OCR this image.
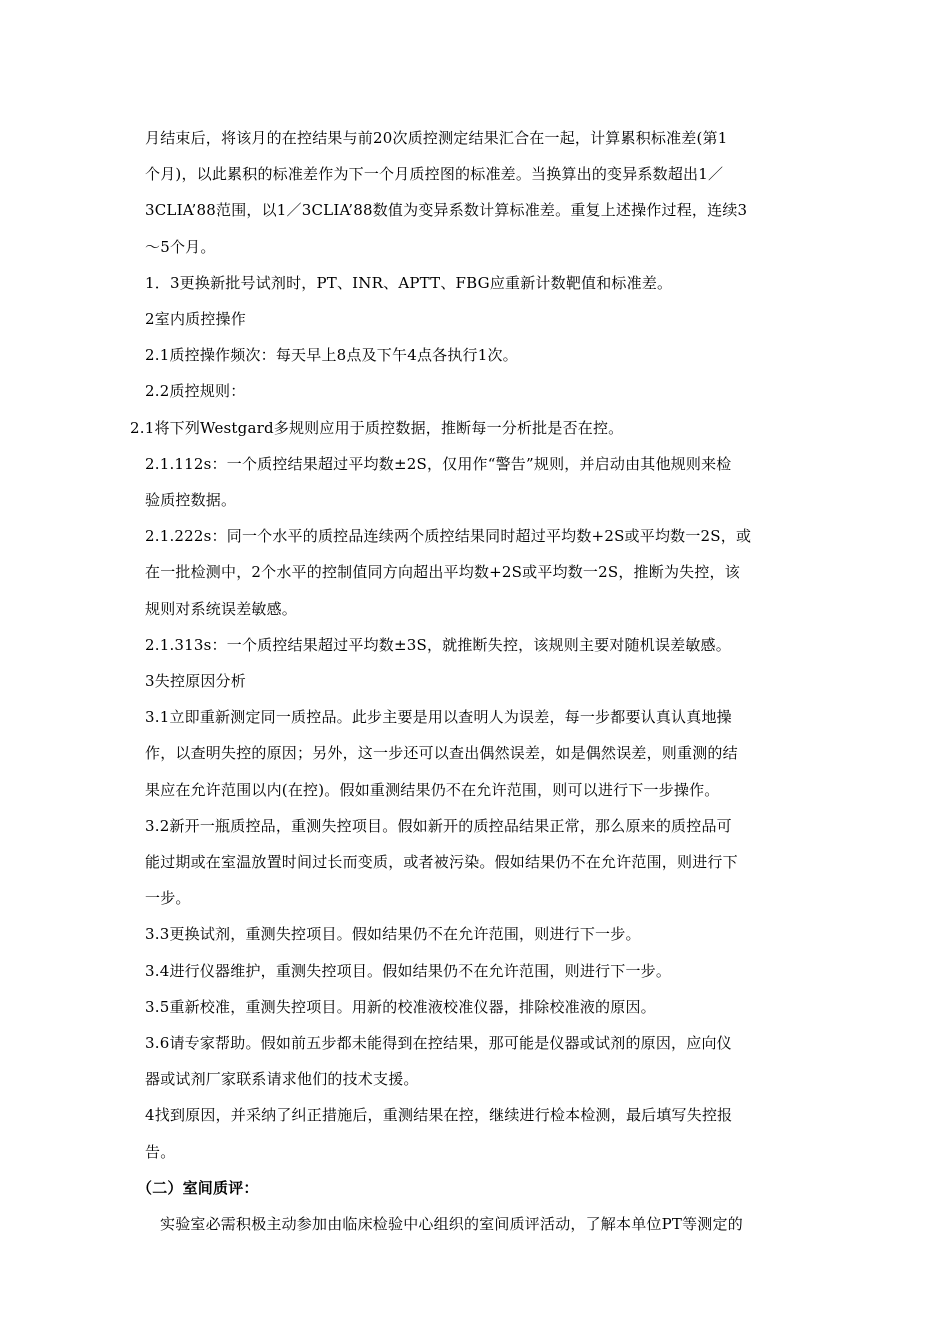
月结束后，将该月的在控结果与前20次质控测定结果汇合在一起，计算累积标准差(第1

个月)，以此累积的标准差作为下一个月质控图的标准差。当换算出的变异系数超出1／

3CLIA’88范围，以1／3CLIA’88数值为变异系数计算标准差。重复上述操作过程，连续3

～5个月。

1．3更换新批号试剂时，PT、INR、APTT、FBG应重新计数靶值和标准差。

2室内质控操作

2.1质控操作频次：每天早上8点及下午4点各执行1次。

2.2质控规则：

2.1将下列Westgard多规则应用于质控数据，推断每一分析批是否在控。

2.1.112s：一个质控结果超过平均数±2S，仅用作“警告”规则，并启动由其他规则来检

验质控数据。

2.1.222s：同一个水平的质控品连续两个质控结果同时超过平均数+2S或平均数一2S，或

在一批检测中，2个水平的控制值同方向超出平均数+2S或平均数一2S，推断为失控，该

规则对系统误差敏感。

2.1.313s：一个质控结果超过平均数±3S，就推断失控，该规则主要对随机误差敏感。

3失控原因分析

3.1立即重新测定同一质控品。此步主要是用以查明人为误差，每一步都要认真认真地操

作，以查明失控的原因；另外，这一步还可以查出偶然误差，如是偶然误差，则重测的结

果应在允许范围以内(在控)。假如重测结果仍不在允许范围，则可以进行下一步操作。

3.2新开一瓶质控品，重测失控项目。假如新开的质控品结果正常，那么原来的质控品可

能过期或在室温放置时间过长而变质，或者被污染。假如结果仍不在允许范围，则进行下

一步。

3.3更换试剂，重测失控项目。假如结果仍不在允许范围，则进行下一步。

3.4进行仪器维护，重测失控项目。假如结果仍不在允许范围，则进行下一步。

3.5重新校准，重测失控项目。用新的校准液校准仪器，排除校准液的原因。

3.6请专家帮助。假如前五步都未能得到在控结果，那可能是仪器或试剂的原因，应向仪

器或试剂厂家联系请求他们的技术支援。

4找到原因，并采纳了纠正措施后，重测结果在控，继续进行检本检测，最后填写失控报

告。

（二）室间质评：

实验室必需积极主动参加由临床检验中心组织的室间质评活动，了解本单位PT等测定的
